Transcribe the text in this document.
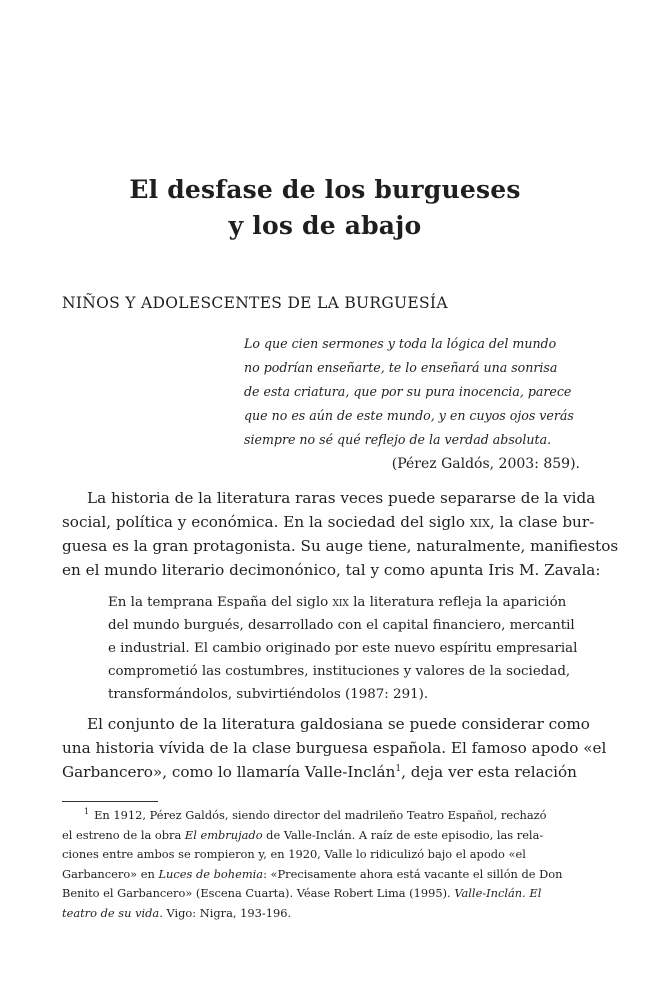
El desfase de los burgueses
y los de abajo
NIÑOS Y ADOLESCENTES DE LA BURGUESÍA
Lo que cien sermones y toda la lógica del mundo
no podrían enseñarte, te lo enseñará una sonrisa
de esta criatura, que por su pura inocencia, parece
que no es aún de este mundo, y en cuyos ojos verás
siempre no sé qué reflejo de la verdad absoluta.
(Pérez Galdós, 2003: 859).
La historia de la literatura raras veces puede separarse de la vida
social, política y económica. En la sociedad del siglo xix, la clase bur-
guesa es la gran protagonista. Su auge tiene, naturalmente, manifiestos
en el mundo literario decimonónico, tal y como apunta Iris M. Zavala:
En la temprana España del siglo xix la literatura refleja la aparición
del mundo burgués, desarrollado con el capital financiero, mercantil
e industrial. El cambio originado por este nuevo espíritu empresarial
comprometió las costumbres, instituciones y valores de la sociedad,
transformándolos, subvirtiéndolos (1987: 291).
El conjunto de la literatura galdosiana se puede considerar como
una historia vívida de la clase burguesa española. El famoso apodo «el
Garbancero», como lo llamaría Valle-Inclán$^1$, deja ver esta relación
$^1$ En 1912, Pérez Galdós, siendo director del madrileño Teatro Español, rechazó
el estreno de la obra El embrujado de Valle-Inclán. A raíz de este episodio, las rela-
ciones entre ambos se rompieron y, en 1920, Valle lo ridiculizó bajo el apodo «el
Garbancero» en Luces de bohemia: «Precisamente ahora está vacante el sillón de Don
Benito el Garbancero» (Escena Cuarta). Véase Robert Lima (1995). Valle-Inclán. El
teatro de su vida. Vigo: Nigra, 193-196.
